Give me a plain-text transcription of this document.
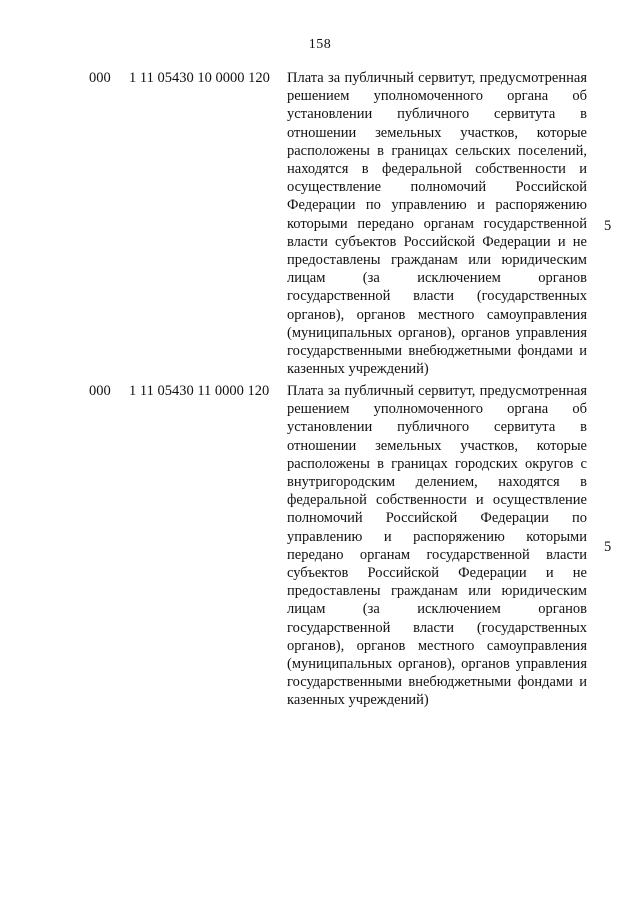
158
000 1 11 05430 10 0000 120 Плата за публичный сервитут, предусмотренная решением уполномоченного органа об установлении публичного сервитута в отношении земельных участков, которые расположены в границах сельских поселений, находятся в федеральной собственности и осуществление полномочий Российской Федерации по управлению и распоряжению которыми передано органам государственной власти субъектов Российской Федерации и не предоставлены гражданам или юридическим лицам (за исключением органов государственной власти (государственных органов), органов местного самоуправления (муниципальных органов), органов управления государственными внебюджетными фондами и казенных учреждений)

5
000 1 11 05430 11 0000 120 Плата за публичный сервитут, предусмотренная решением уполномоченного органа об установлении публичного сервитута в отношении земельных участков, которые расположены в границах городских округов с внутригородским делением, находятся в федеральной собственности и осуществление полномочий Российской Федерации по управлению и распоряжению которыми передано органам государственной власти субъектов Российской Федерации и не предоставлены гражданам или юридическим лицам (за исключением органов государственной власти (государственных органов), органов местного самоуправления (муниципальных органов), органов управления государственными внебюджетными фондами и казенных учреждений)

5
